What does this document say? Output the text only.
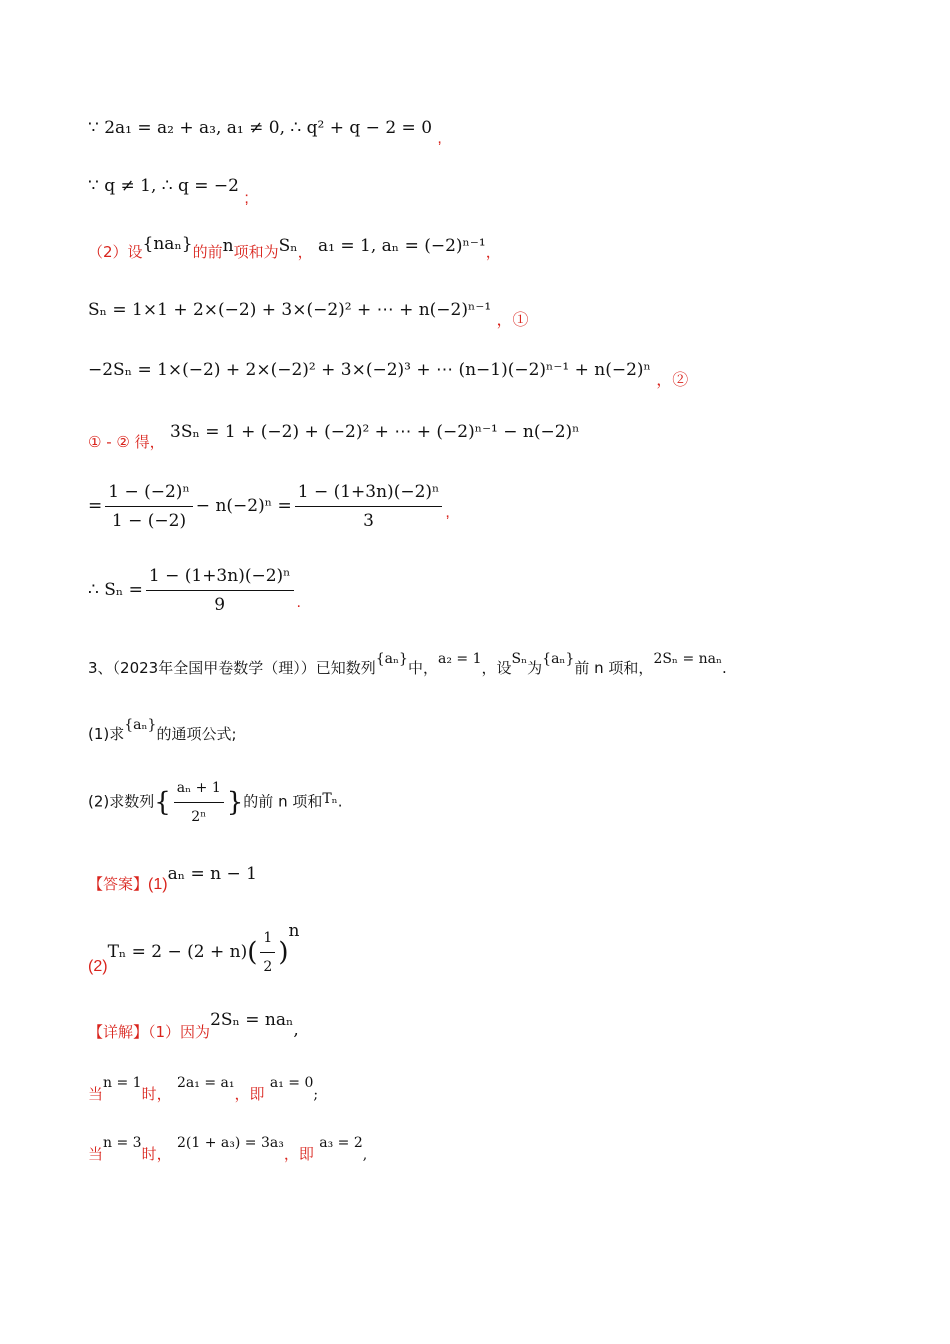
∵ 2a₁ = a₂ + a₃, a₁ ≠ 0, ∴ q² + q − 2 = 0 ,
∵ q ≠ 1, ∴ q = −2 ;
（2）设{naₙ}的前n项和为Sₙ， a₁ = 1, aₙ = (−2)ⁿ⁻¹，
Sₙ = 1×1 + 2×(−2) + 3×(−2)² + ⋯ + n(−2)ⁿ⁻¹ ，①
−2Sₙ = 1×(−2) + 2×(−2)² + 3×(−2)³ + ⋯ (n−1)(−2)ⁿ⁻¹ + n(−2)ⁿ ，②
① - ② 得， 3Sₙ = 1 + (−2) + (−2)² + ⋯ + (−2)ⁿ⁻¹ − n(−2)ⁿ
= $\frac{\text{1 − (−2)ⁿ}}{1 - (-2)} - n(-2)^n = \frac{\text{1 − (1+3n)(−2)ⁿ}}{3}$ ,
∴ $S_n = \frac{\text{1 − (1+3n)(−2)ⁿ}}{9}$ .
3、（2023年全国甲卷数学（理））已知数列{aₙ}中，a₂ = 1，设Sₙ为{aₙ}前 n 项和，2Sₙ = naₙ.
(1)求{aₙ}的通项公式;
(2)求数列{ $\frac{\text{aₙ + 1}}{\text{2ⁿ}}$ }的前 n 项和Tₙ.
【答案】(1)aₙ = n − 1
$(2)T_n = 2 - (2 + n)( \frac{1}{2} )^n$
【详解】（1）因为2Sₙ = naₙ,
当n = 1时， 2a₁ = a₁，即 $a_1 = 0_;$
当n = 3时， 2(1 + a₃) = 3a₃，即 $a_3 = 2_,$
